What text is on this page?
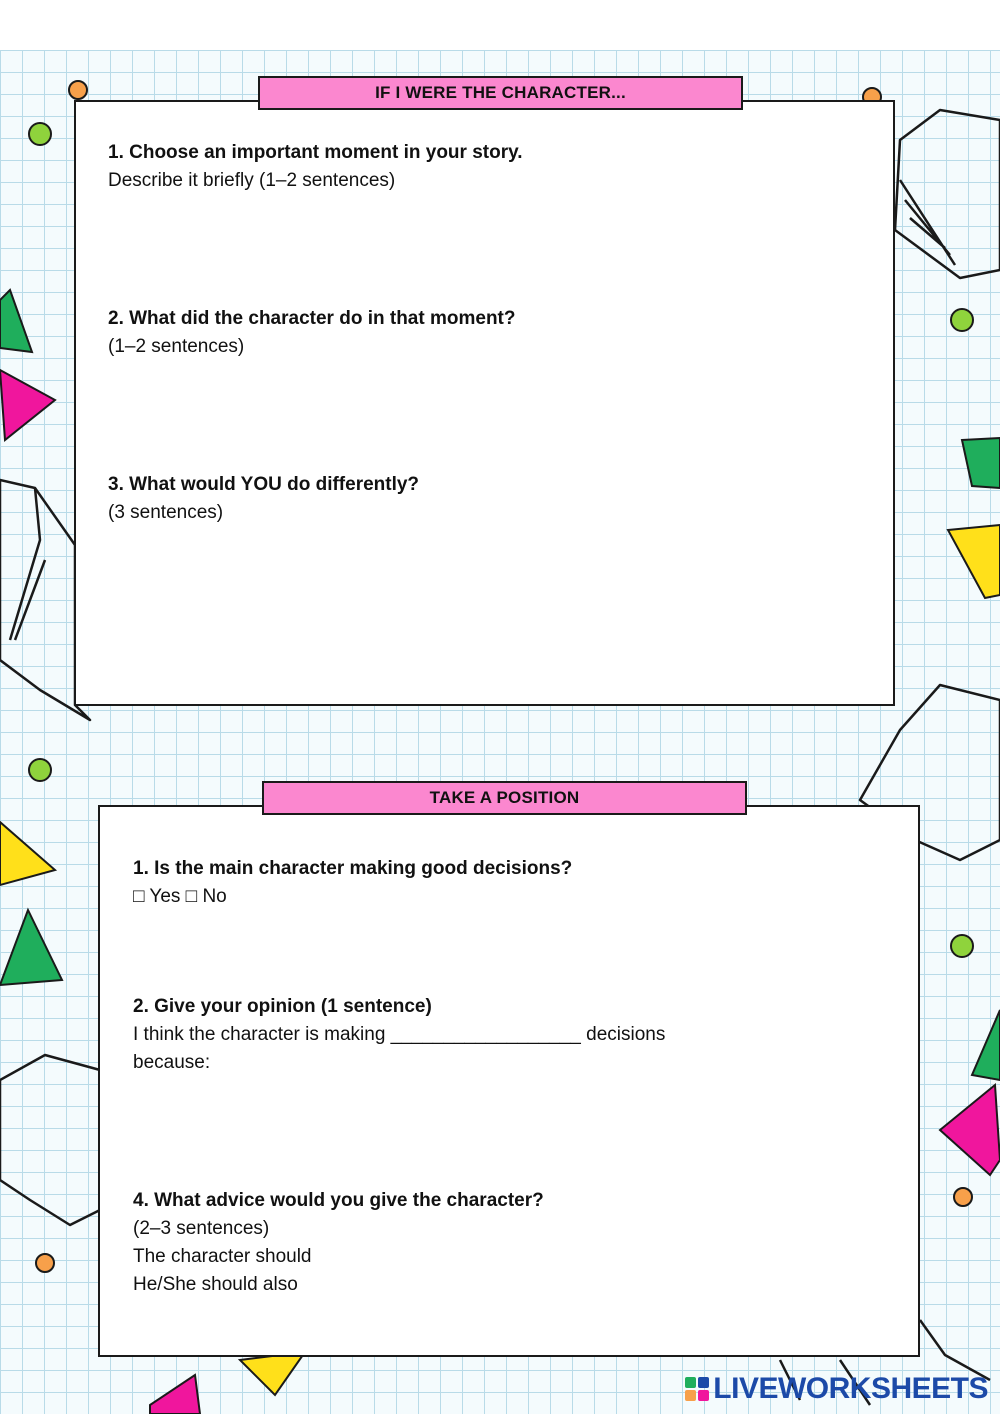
IF I WERE THE CHARACTER...
1. Choose an important moment in your story.
Describe it briefly (1–2 sentences)
2. What did the character do in that moment?
(1–2 sentences)
3. What would YOU do differently?
(3 sentences)
TAKE A POSITION
1. Is the main character making good decisions?
□ Yes □ No
2. Give your opinion (1 sentence)
I think the character is making __________________ decisions
because:
4. What advice would you give the character?
(2–3 sentences)
The character should
He/She should also
LIVEWORKSHEETS
